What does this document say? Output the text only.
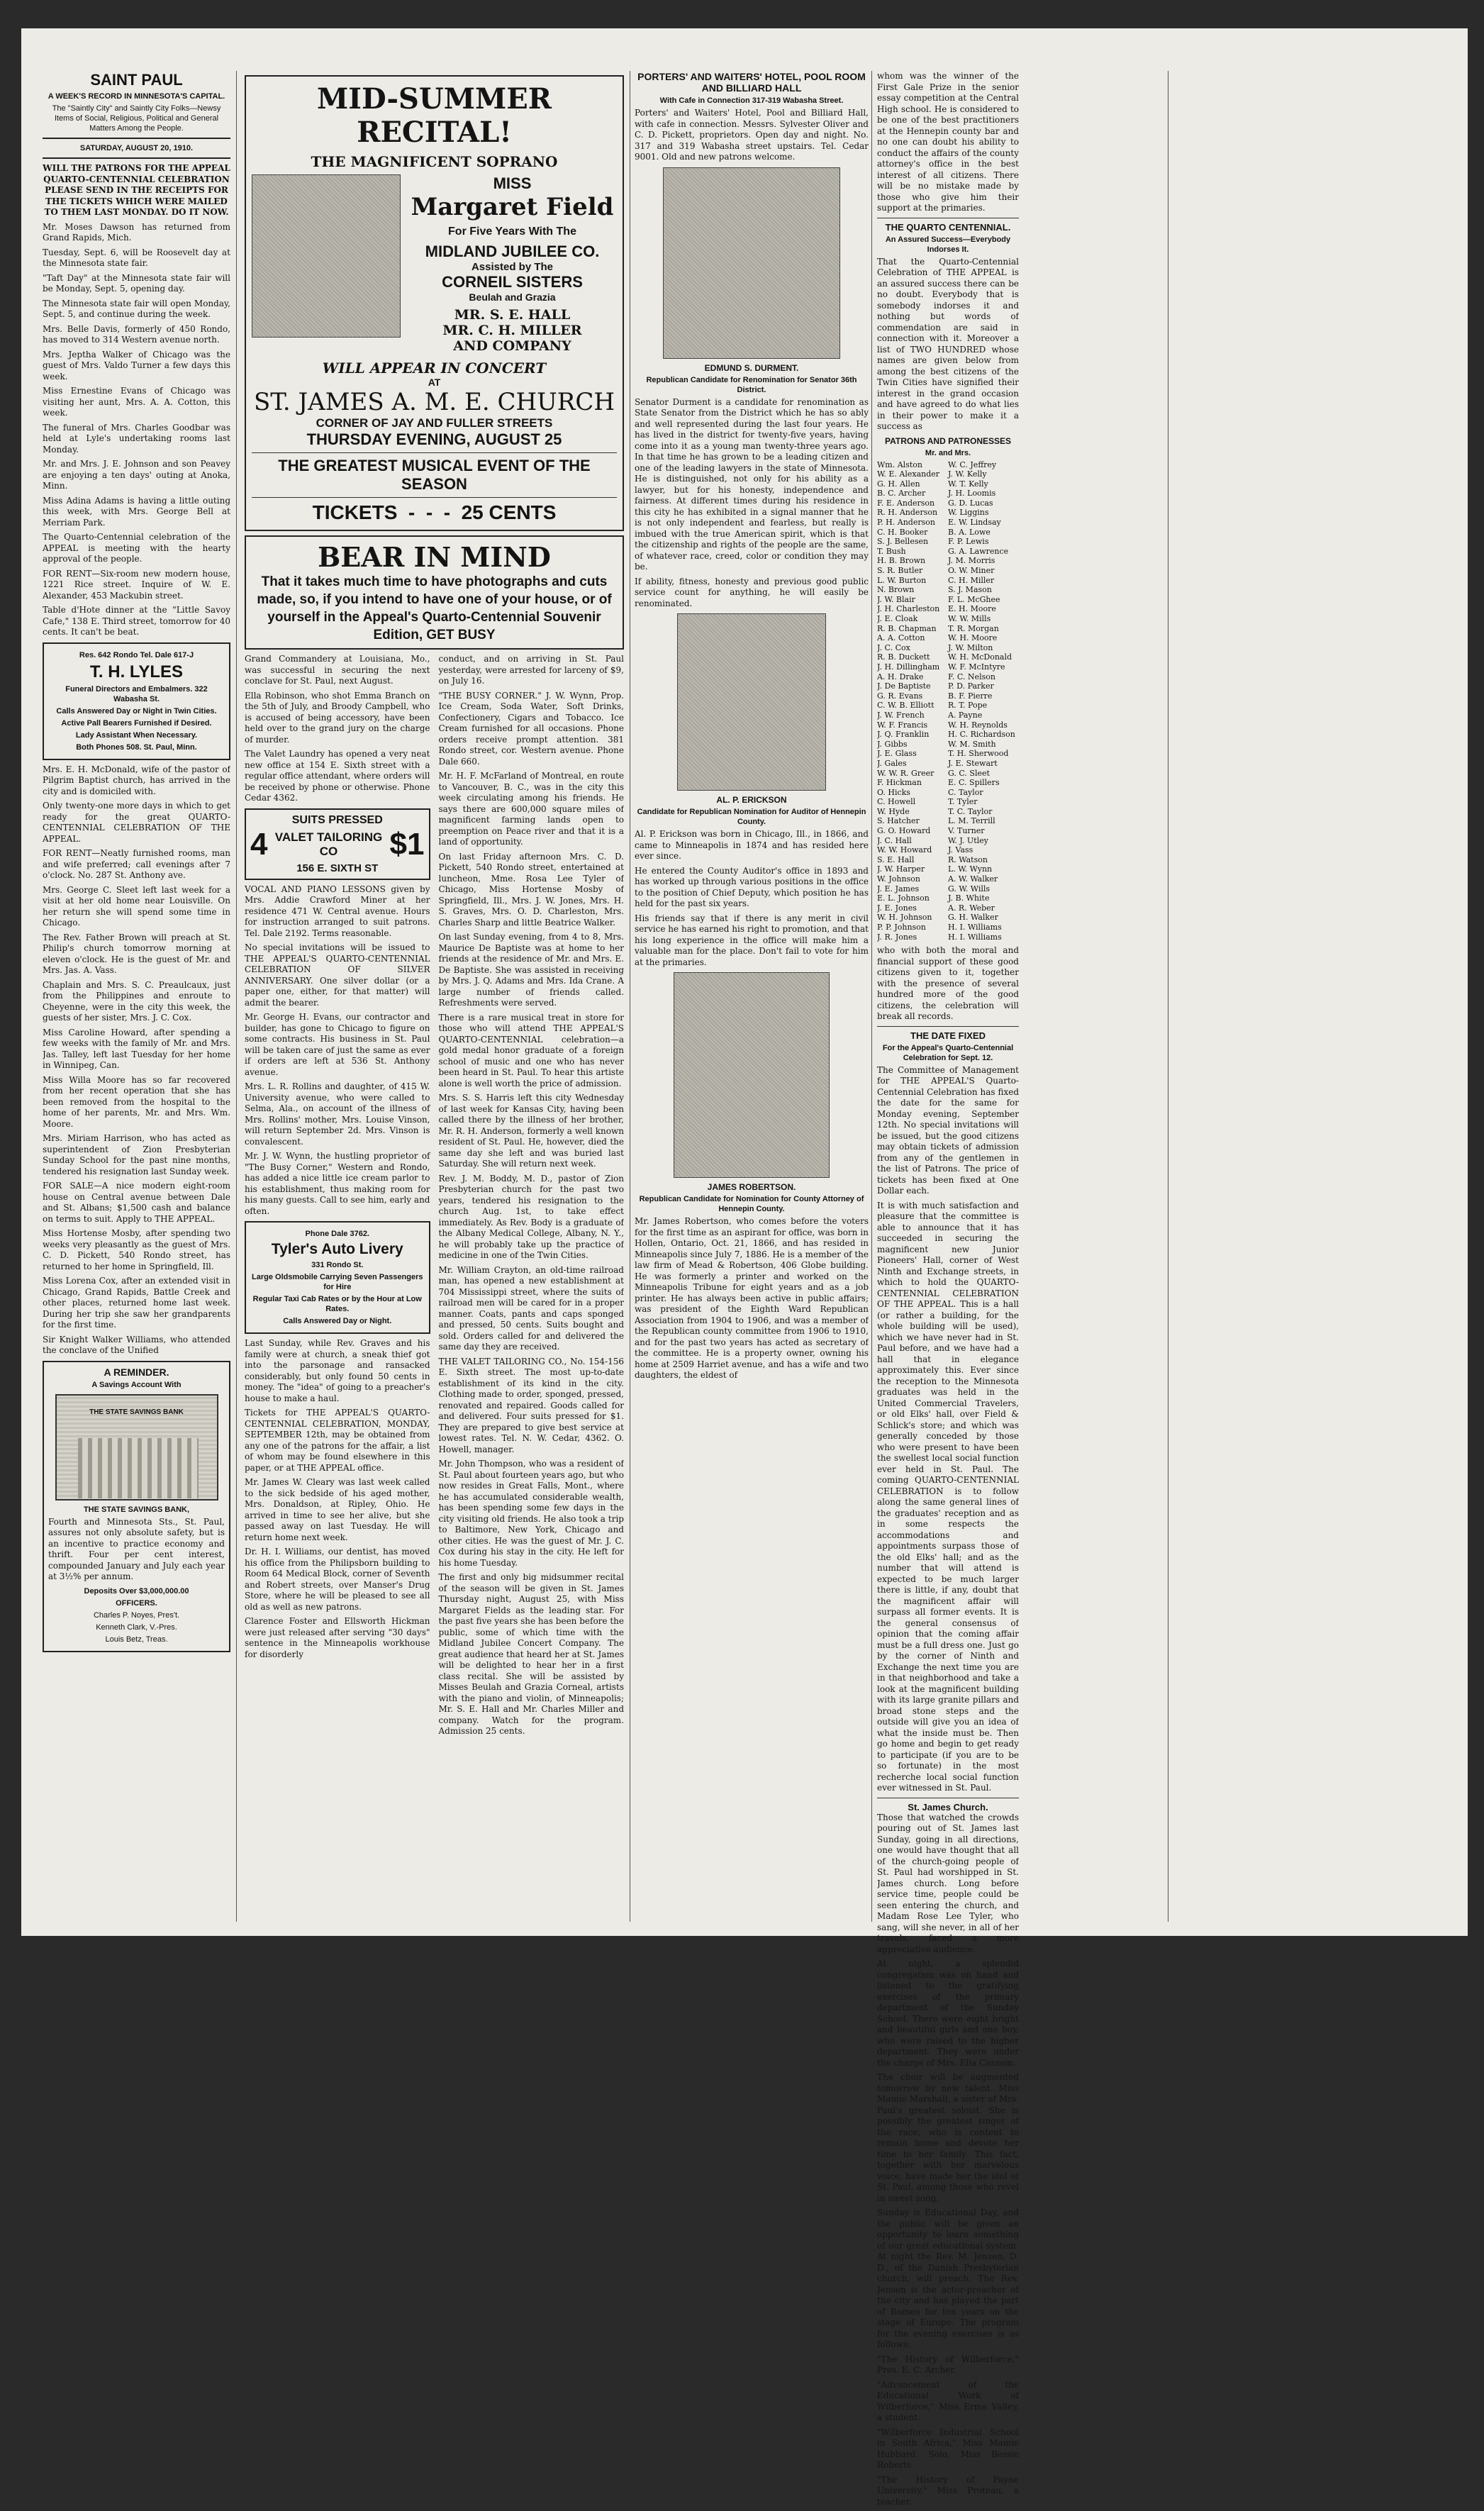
SAINT PAUL
A WEEK'S RECORD IN MINNESOTA'S CAPITAL.
The "Saintly City" and Saintly City Folks—Newsy Items of Social, Religious, Political and General Matters Among the People.
SATURDAY, AUGUST 20, 1910.

WILL THE PATRONS FOR THE APPEAL QUARTO-CENTENNIAL CELEBRATION PLEASE SEND IN THE RECEIPTS FOR THE TICKETS WHICH WERE MAILED TO THEM LAST MONDAY. DO IT NOW.

Mr. Moses Dawson has returned from Grand Rapids, Mich.

Tuesday, Sept. 6, will be Roosevelt day at the Minnesota state fair.

"Taft Day" at the Minnesota state fair will be Monday, Sept. 5, opening day.

The Minnesota state fair will open Monday, Sept. 5, and continue during the week.

Mrs. Belle Davis, formerly of 450 Rondo, has moved to 314 Western avenue north.

Mrs. Jeptha Walker of Chicago was the guest of Mrs. Valdo Turner a few days this week.

Miss Ernestine Evans of Chicago was visiting her aunt, Mrs. A. A. Cotton, this week.

The funeral of Mrs. Charles Goodbar was held at Lyle's undertaking rooms last Monday.

Mr. and Mrs. J. E. Johnson and son Peavey are enjoying a ten days' outing at Anoka, Minn.

Miss Adina Adams is having a little outing this week, with Mrs. George Bell at Merriam Park.

The Quarto-Centennial celebration of the APPEAL is meeting with the hearty approval of the people.

FOR RENT—Six-room new modern house, 1221 Rice street. Inquire of W. E. Alexander, 453 Mackubin street.

Table d'Hote dinner at the "Little Savoy Cafe," 138 E. Third street, tomorrow for 40 cents. It can't be beat.

Res. 642 Rondo Tel. Dale 617-J
T. H. LYLES
Funeral Directors and Embalmers. 322 Wabasha St.
Calls Answered Day or Night in Twin Cities.
Active Pall Bearers Furnished if Desired.
Lady Assistant When Necessary.
Both Phones 508. St. Paul, Minn.

Mrs. E. H. McDonald, wife of the pastor of Pilgrim Baptist church, has arrived in the city and is domiciled with.

Only twenty-one more days in which to get ready for the great QUARTO-CENTENNIAL CELEBRATION OF THE APPEAL.

FOR RENT—Neatly furnished rooms, man and wife preferred; call evenings after 7 o'clock. No. 287 St. Anthony ave.

Mrs. George C. Sleet left last week for a visit at her old home near Louisville. On her return she will spend some time in Chicago.

The Rev. Father Brown will preach at St. Philip's church tomorrow morning at eleven o'clock. He is the guest of Mr. and Mrs. Jas. A. Vass.

Chaplain and Mrs. S. C. Preaulcaux, just from the Philippines and enroute to Cheyenne, were in the city this week, the guests of her sister, Mrs. J. C. Cox.

Miss Caroline Howard, after spending a few weeks with the family of Mr. and Mrs. Jas. Talley, left last Tuesday for her home in Winnipeg, Can.

Miss Willa Moore has so far recovered from her recent operation that she has been removed from the hospital to the home of her parents, Mr. and Mrs. Wm. Moore.

Mrs. Miriam Harrison, who has acted as superintendent of Zion Presbyterian Sunday School for the past nine months, tendered his resignation last Sunday week.

FOR SALE—A nice modern eight-room house on Central avenue between Dale and St. Albans; $1,500 cash and balance on terms to suit. Apply to THE APPEAL.

Miss Hortense Mosby, after spending two weeks very pleasantly as the guest of Mrs. C. D. Pickett, 540 Rondo street, has returned to her home in Springfield, Ill.

Miss Lorena Cox, after an extended visit in Chicago, Grand Rapids, Battle Creek and other places, returned home last week. During her trip she saw her grandparents for the first time.

Sir Knight Walker Williams, who attended the conclave of the Unified

A REMINDER.
A Savings Account With
THE STATE SAVINGS BANK
THE STATE SAVINGS BANK,

Fourth and Minnesota Sts., St. Paul, assures not only absolute safety, but is an incentive to practice economy and thrift. Four per cent interest, compounded January and July each year at 3½% per annum.

Deposits Over $3,000,000.00
OFFICERS.
Charles P. Noyes, Pres't.
Kenneth Clark, V.-Pres.
Louis Betz, Treas.
MID-SUMMER RECITAL!
THE MAGNIFICENT SOPRANO
MISS
Margaret Field
For Five Years With The
MIDLAND JUBILEE CO.
Assisted by The
CORNEIL SISTERS
Beulah and Grazia
MR. S. E. HALL
MR. C. H. MILLER
AND COMPANY
WILL APPEAR IN CONCERT
AT
ST. JAMES A. M. E. CHURCH
CORNER OF JAY AND FULLER STREETS
THURSDAY EVENING, AUGUST 25
THE GREATEST MUSICAL EVENT OF THE SEASON
TICKETS  -  -  -  25 CENTS
BEAR IN MIND
That it takes much time to have photographs and cuts made, so, if you intend to have one of your house, or of yourself in the Appeal's Quarto-Centennial Souvenir Edition, GET BUSY

Grand Commandery at Louisiana, Mo., was successful in securing the next conclave for St. Paul, next August.

Ella Robinson, who shot Emma Branch on the 5th of July, and Broody Campbell, who is accused of being accessory, have been held over to the grand jury on the charge of murder.

The Valet Laundry has opened a very neat new office at 154 E. Sixth street with a regular office attendant, where orders will be received by phone or otherwise. Phone Cedar 4362.

SUITS PRESSED
4 VALET TAILORING CO	$1
156 E. SIXTH ST

VOCAL AND PIANO LESSONS given by Mrs. Addie Crawford Miner at her residence 471 W. Central avenue. Hours for instruction arranged to suit patrons. Tel. Dale 2192. Terms reasonable.

No special invitations will be issued to THE APPEAL'S QUARTO-CENTENNIAL CELEBRATION OF SILVER ANNIVERSARY. One silver dollar (or a paper one, either, for that matter) will admit the bearer.

Mr. George H. Evans, our contractor and builder, has gone to Chicago to figure on some contracts. His business in St. Paul will be taken care of just the same as ever if orders are left at 536 St. Anthony avenue.

Mrs. L. R. Rollins and daughter, of 415 W. University avenue, who were called to Selma, Ala., on account of the illness of Mrs. Rollins' mother, Mrs. Louise Vinson, will return September 2d. Mrs. Vinson is convalescent.

Mr. J. W. Wynn, the hustling proprietor of "The Busy Corner," Western and Rondo, has added a nice little ice cream parlor to his establishment, thus making room for his many guests. Call to see him, early and often.

Phone Dale 3762.
Tyler's Auto Livery
331 Rondo St.
Large Oldsmobile Carrying Seven Passengers for Hire
Regular Taxi Cab Rates or by the Hour at Low Rates.
Calls Answered Day or Night.

Last Sunday, while Rev. Graves and his family were at church, a sneak thief got into the parsonage and ransacked considerably, but only found 50 cents in money. The "idea" of going to a preacher's house to make a haul.

Tickets for THE APPEAL'S QUARTO-CENTENNIAL CELEBRATION, MONDAY, SEPTEMBER 12th, may be obtained from any one of the patrons for the affair, a list of whom may be found elsewhere in this paper, or at THE APPEAL office.

Mr. James W. Cleary was last week called to the sick bedside of his aged mother, Mrs. Donaldson, at Ripley, Ohio. He arrived in time to see her alive, but she passed away on last Tuesday. He will return home next week.

Dr. H. I. Williams, our dentist, has moved his office from the Philipsborn building to Room 64 Medical Block, corner of Seventh and Robert streets, over Manser's Drug Store, where he will be pleased to see all old as well as new patrons.

Clarence Foster and Ellsworth Hickman were just released after serving "30 days" sentence in the Minneapolis workhouse for disorderly

conduct, and on arriving in St. Paul yesterday, were arrested for larceny of $9, on July 16.

"THE BUSY CORNER." J. W. Wynn, Prop. Ice Cream, Soda Water, Soft Drinks, Confectionery, Cigars and Tobacco. Ice Cream furnished for all occasions. Phone orders receive prompt attention. 381 Rondo street, cor. Western avenue. Phone Dale 660.

Mr. H. F. McFarland of Montreal, en route to Vancouver, B. C., was in the city this week circulating among his friends. He says there are 600,000 square miles of magnificent farming lands open to preemption on Peace river and that it is a land of opportunity.

On last Friday afternoon Mrs. C. D. Pickett, 540 Rondo street, entertained at luncheon, Mme. Rosa Lee Tyler of Chicago, Miss Hortense Mosby of Springfield, Ill., Mrs. J. W. Jones, Mrs. H. S. Graves, Mrs. O. D. Charleston, Mrs. Charles Sharp and little Beatrice Walker.

On last Sunday evening, from 4 to 8, Mrs. Maurice De Baptiste was at home to her friends at the residence of Mr. and Mrs. E. De Baptiste. She was assisted in receiving by Mrs. J. Q. Adams and Mrs. Ida Crane. A large number of friends called. Refreshments were served.

There is a rare musical treat in store for those who will attend THE APPEAL'S QUARTO-CENTENNIAL celebration—a gold medal honor graduate of a foreign school of music and one who has never been heard in St. Paul. To hear this artiste alone is well worth the price of admission.

Mrs. S. S. Harris left this city Wednesday of last week for Kansas City, having been called there by the illness of her brother, Mr. R. H. Anderson, formerly a well known resident of St. Paul. He, however, died the same day she left and was buried last Saturday. She will return next week.

Rev. J. M. Boddy, M. D., pastor of Zion Presbyterian church for the past two years, tendered his resignation to the church Aug. 1st, to take effect immediately. As Rev. Body is a graduate of the Albany Medical College, Albany, N. Y., he will probably take up the practice of medicine in one of the Twin Cities.

Mr. William Crayton, an old-time railroad man, has opened a new establishment at 704 Mississippi street, where the suits of railroad men will be cared for in a proper manner. Coats, pants and caps sponged and pressed, 50 cents. Suits bought and sold. Orders called for and delivered the same day they are received.

THE VALET TAILORING CO., No. 154-156 E. Sixth street. The most up-to-date establishment of its kind in the city. Clothing made to order, sponged, pressed, renovated and repaired. Goods called for and delivered. Four suits pressed for $1. They are prepared to give best service at lowest rates. Tel. N. W. Cedar, 4362. O. Howell, manager.

Mr. John Thompson, who was a resident of St. Paul about fourteen years ago, but who now resides in Great Falls, Mont., where he has accumulated considerable wealth, has been spending some few days in the city visiting old friends. He also took a trip to Baltimore, New York, Chicago and other cities. He was the guest of Mr. J. C. Cox during his stay in the city. He left for his home Tuesday.

The first and only big midsummer recital of the season will be given in St. James Thursday night, August 25, with Miss Margaret Fields as the leading star. For the past five years she has been before the public, some of which time with the Midland Jubilee Concert Company. The great audience that heard her at St. James will be delighted to hear her in a first class recital. She will be assisted by Misses Beulah and Grazia Corneal, artists with the piano and violin, of Minneapolis; Mr. S. E. Hall and Mr. Charles Miller and company. Watch for the program. Admission 25 cents.

PORTERS' AND WAITERS' HOTEL, POOL ROOM AND BILLIARD HALL
With Cafe in Connection 317-319 Wabasha Street.

Porters' and Waiters' Hotel, Pool and Billiard Hall, with cafe in connection. Messrs. Sylvester Oliver and C. D. Pickett, proprietors. Open day and night. No. 317 and 319 Wabasha street upstairs. Tel. Cedar 9001. Old and new patrons welcome.

EDMUND S. DURMENT.
Republican Candidate for Renomination for Senator 36th District.

Senator Durment is a candidate for renomination as State Senator from the District which he has so ably and well represented during the last four years. He has lived in the district for twenty-five years, having come into it as a young man twenty-three years ago. In that time he has grown to be a leading citizen and one of the leading lawyers in the state of Minnesota. He is distinguished, not only for his ability as a lawyer, but for his honesty, independence and fairness. At different times during his residence in this city he has exhibited in a signal manner that he is not only independent and fearless, but really is imbued with the true American spirit, which is that the citizenship and rights of the people are the same, of whatever race, creed, color or condition they may be.

If ability, fitness, honesty and previous good public service count for anything, he will easily be renominated.

AL. P. ERICKSON
Candidate for Republican Nomination for Auditor of Hennepin County.

Al. P. Erickson was born in Chicago, Ill., in 1866, and came to Minneapolis in 1874 and has resided here ever since.

He entered the County Auditor's office in 1893 and has worked up through various positions in the office to the position of Chief Deputy, which position he has held for the past six years.

His friends say that if there is any merit in civil service he has earned his right to promotion, and that his long experience in the office will make him a valuable man for the place. Don't fail to vote for him at the primaries.

JAMES ROBERTSON.
Republican Candidate for Nomination for County Attorney of Hennepin County.

Mr. James Robertson, who comes before the voters for the first time as an aspirant for office, was born in Hollen, Ontario, Oct. 21, 1866, and has resided in Minneapolis since July 7, 1886. He is a member of the law firm of Mead & Robertson, 406 Globe building. He was formerly a printer and worked on the Minneapolis Tribune for eight years and as a job printer. He has always been active in public affairs; was president of the Eighth Ward Republican Association from 1904 to 1906, and was a member of the Republican county committee from 1906 to 1910, and for the past two years has acted as secretary of the committee. He is a property owner, owning his home at 2509 Harriet avenue, and has a wife and two daughters, the eldest of

whom was the winner of the First Gale Prize in the senior essay competition at the Central High school. He is considered to be one of the best practitioners at the Hennepin county bar and no one can doubt his ability to conduct the affairs of the county attorney's office in the best interest of all citizens. There will be no mistake made by those who give him their support at the primaries.

THE QUARTO CENTENNIAL.
An Assured Success—Everybody Indorses It.

That the Quarto-Centennial Celebration of THE APPEAL is an assured success there can be no doubt. Everybody that is somebody indorses it and nothing but words of commendation are said in connection with it. Moreover a list of TWO HUNDRED whose names are given below from among the best citizens of the Twin Cities have signified their interest in the grand occasion and have agreed to do what lies in their power to make it a success as

PATRONS AND PATRONESSES
Mr. and Mrs.
Wm. Alston
W. E. Alexander
G. H. Allen
B. C. Archer
F. E. Anderson
R. H. Anderson
P. H. Anderson
C. H. Booker
S. J. Bellesen
T. Bush
H. B. Brown
S. R. Butler
L. W. Burton
N. Brown
J. W. Blair
J. H. Charleston
J. E. Cloak
R. B. Chapman
A. A. Cotton
J. C. Cox
R. B. Duckett
J. H. Dillingham
A. H. Drake
J. De Baptiste
G. R. Evans
C. W. B. Elliott
J. W. French
W. F. Francis
J. Q. Franklin
J. Gibbs
J. E. Glass
J. Gales
W. W. R. Greer
F. Hickman
O. Hicks
C. Howell
W. Hyde
S. Hatcher
G. O. Howard
J. C. Hall
W. W. Howard
S. E. Hall
J. W. Harper
W. Johnson
J. E. James
E. L. Johnson
J. E. Jones
W. H. Johnson
P. P. Johnson
J. R. Jones
W. C. Jeffrey
J. W. Kelly
W. T. Kelly
J. H. Loomis
G. D. Lucas
W. Liggins
E. W. Lindsay
B. A. Lowe
F. P. Lewis
G. A. Lawrence
J. M. Morris
O. W. Miner
C. H. Miller
S. J. Mason
F. L. McGhee
E. H. Moore
W. W. Mills
T. R. Morgan
W. H. Moore
J. W. Milton
W. H. McDonald
W. F. McIntyre
F. C. Nelson
P. D. Parker
B. F. Pierre
R. T. Pope
A. Payne
W. H. Reynolds
H. C. Richardson
W. M. Smith
T. H. Sherwood
J. E. Stewart
G. C. Sleet
E. C. Spillers
C. Taylor
T. Tyler
T. C. Taylor
L. M. Terrill
V. Turner
W. J. Utley
J. Vass
R. Watson
L. W. Wynn
A. W. Walker
G. W. Wills
J. B. White
A. R. Weber
G. H. Walker
H. I. Williams
H. I. Williams

who with both the moral and financial support of these good citizens given to it, together with the presence of several hundred more of the good citizens, the celebration will break all records.

THE DATE FIXED
For the Appeal's Quarto-Centennial Celebration for Sept. 12.

The Committee of Management for THE APPEAL'S Quarto-Centennial Celebration has fixed the date for the same for Monday evening, September 12th. No special invitations will be issued, but the good citizens may obtain tickets of admission from any of the gentlemen in the list of Patrons. The price of tickets has been fixed at One Dollar each.

It is with much satisfaction and pleasure that the committee is able to announce that it has succeeded in securing the magnificent new Junior Pioneers' Hall, corner of West Ninth and Exchange streets, in which to hold the QUARTO-CENTENNIAL CELEBRATION OF THE APPEAL. This is a hall (or rather a building, for the whole building will be used), which we have never had in St. Paul before, and we have had a hall that in elegance approximately this. Ever since the reception to the Minnesota graduates was held in the United Commercial Travelers, or old Elks' hall, over Field & Schlick's store; and which was generally conceded by those who were present to have been the swellest local social function ever held in St. Paul. The coming QUARTO-CENTENNIAL CELEBRATION is to follow along the same general lines of the graduates' reception and as in some respects the accommodations and appointments surpass those of the old Elks' hall; and as the number that will attend is expected to be much larger there is little, if any, doubt that the magnificent affair will surpass all former events. It is the general consensus of opinion that the coming affair must be a full dress one. Just go by the corner of Ninth and Exchange the next time you are in that neighborhood and take a look at the magnificent building with its large granite pillars and broad stone steps and the outside will give you an idea of what the inside must be. Then go home and begin to get ready to participate (if you are to be so fortunate) in the most recherche local social function ever witnessed in St. Paul.

St. James Church.

Those that watched the crowds pouring out of St. James last Sunday, going in all directions, one would have thought that all of the church-going people of St. Paul had worshipped in St. James church. Long before service time, people could be seen entering the church, and Madam Rose Lee Tyler, who sang, will she never, in all of her travels, faced a more appreciative audience.

At night, a splendid congregation was on hand and listened to the gratifying exercises of the primary department of the Sunday School. There were eight bright and beautiful girls and one boy, who were raised to the higher department. They were under the charge of Mrs. Ella Cannon.

The choir will be augmented tomorrow by new talent. Miss Mamie Marshall, a sister of Mrs. Paul's greatest soloist. She is possibly the greatest singer of the race, who is content to remain home and devote her time to her family. This fact, together with her marvelous voice, have made her the idol of St. Paul, among those who revel in sweet song.

Sunday is Educational Day, and the public will be given an opportunity to learn something of our great educational system. At night the Rev. M. Jensen, D. D., of the Danish Presbyterian church, will preach. The Rev. Jensen is the actor-preacher of the city and has played the part of Romeo for ten years on the stage of Europe. The program for the evening exercises is as follows:

"The History of Wilberforce," Pres. E. C. Archer.

"Advancement of the Educational Work of Wilberforce," Miss Erma Valley, a student.

"Wilberforce Industrial School in South Africa," Miss Mamie Hubbard. Solo, Miss Bessie Roberts.

"The History of Payne University," Miss Proteau, a teacher.
